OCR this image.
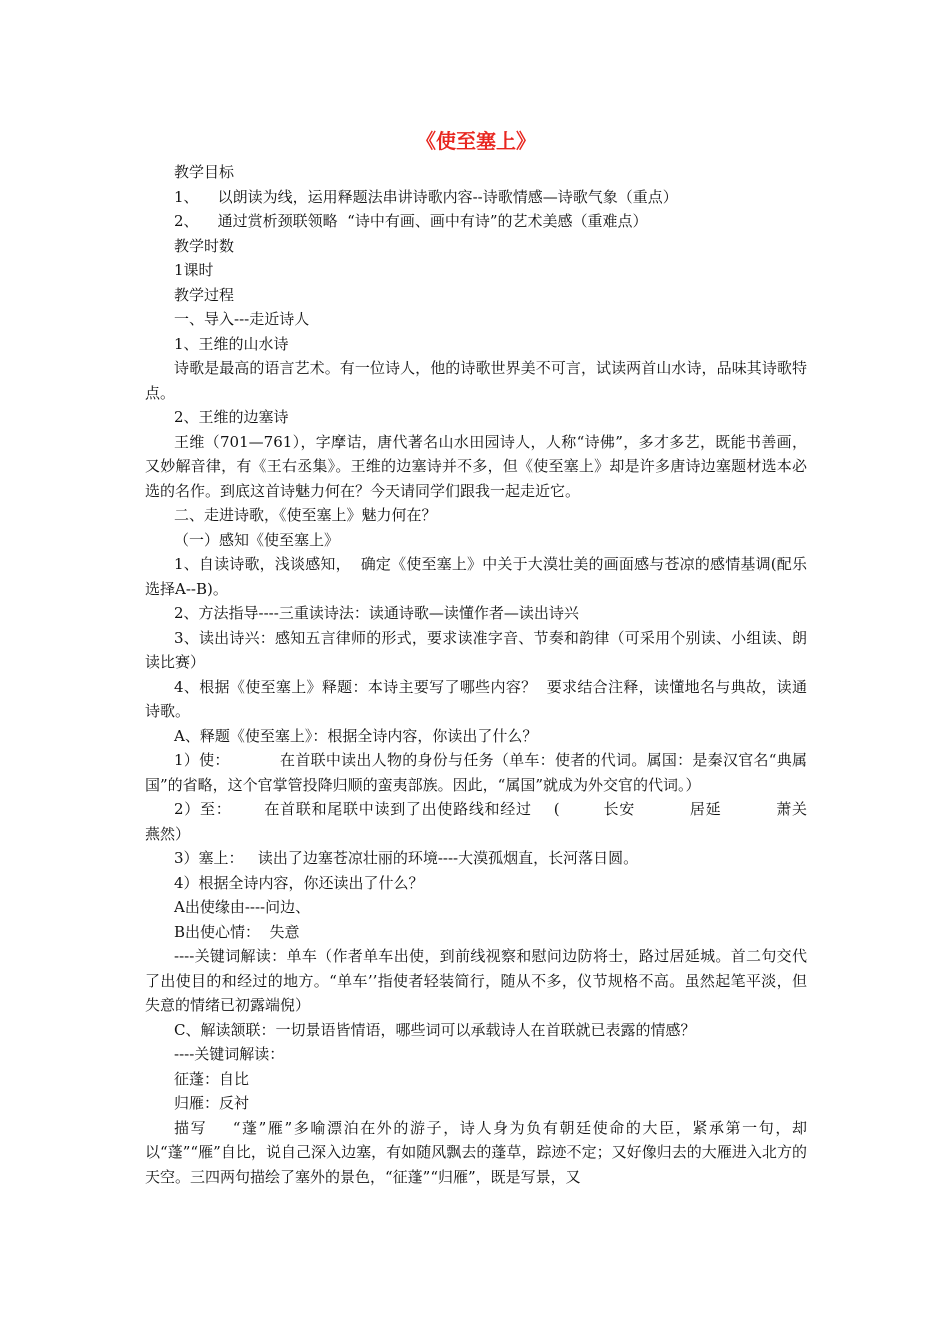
《使至塞上》

教学目标

1、    以朗读为线，运用释题法串讲诗歌内容--诗歌情感—诗歌气象（重点）

2、    通过赏析颈联领略  “诗中有画、画中有诗”的艺术美感（重难点）

教学时数

1课时

教学过程

一、导入---走近诗人

1、王维的山水诗

诗歌是最高的语言艺术。有一位诗人，他的诗歌世界美不可言，试读两首山水诗，品味其诗歌特点。

2、王维的边塞诗

王维（701—761），字摩诘，唐代著名山水田园诗人，人称“诗佛”，多才多艺，既能书善画，又妙解音律，有《王右丞集》。王维的边塞诗并不多，但《使至塞上》却是许多唐诗边塞题材选本必选的名作。到底这首诗魅力何在？今天请同学们跟我一起走近它。

二、走进诗歌，《使至塞上》魅力何在？

（一）感知《使至塞上》

1、自读诗歌，浅谈感知，  确定《使至塞上》中关于大漠壮美的画面感与苍凉的感情基调(配乐选择A--B)。

2、方法指导----三重读诗法：读通诗歌—读懂作者—读出诗兴

3、读出诗兴：感知五言律师的形式，要求读准字音、节奏和韵律（可采用个别读、小组读、朗读比赛）

4、根据《使至塞上》释题：本诗主要写了哪些内容？  要求结合注释，读懂地名与典故，读通诗歌。

A、释题《使至塞上》：根据全诗内容，你读出了什么？

1）使：          在首联中读出人物的身份与任务（单车：使者的代词。属国：是秦汉官名“典属国”的省略，这个官掌管投降归顺的蛮夷部族。因此，“属国”就成为外交官的代词。）

2）至：      在首联和尾联中读到了出使路线和经过    (        长安          居延          萧关                  燕然）

3）塞上：   读出了边塞苍凉壮丽的环境----大漠孤烟直，长河落日圆。

4）根据全诗内容，你还读出了什么？

A出使缘由----问边、

B出使心情：  失意

----关键词解读：单车（作者单车出使，到前线视察和慰问边防将士，路过居延城。首二句交代了出使目的和经过的地方。“单车’’指使者轻装简行，随从不多，仪节规格不高。虽然起笔平淡，但失意的情绪已初露端倪）

C、解读颔联：一切景语皆情语，哪些词可以承载诗人在首联就已表露的情感？

----关键词解读：

征蓬：自比

归雁：反衬

描写    “蓬”雁”多喻漂泊在外的游子，诗人身为负有朝廷使命的大臣，紧承第一句，却以“蓬”“雁”自比，说自己深入边塞，有如随风飘去的蓬草，踪迹不定；又好像归去的大雁进入北方的天空。三四两句描绘了塞外的景色，“征蓬”“归雁”，既是写景，又
